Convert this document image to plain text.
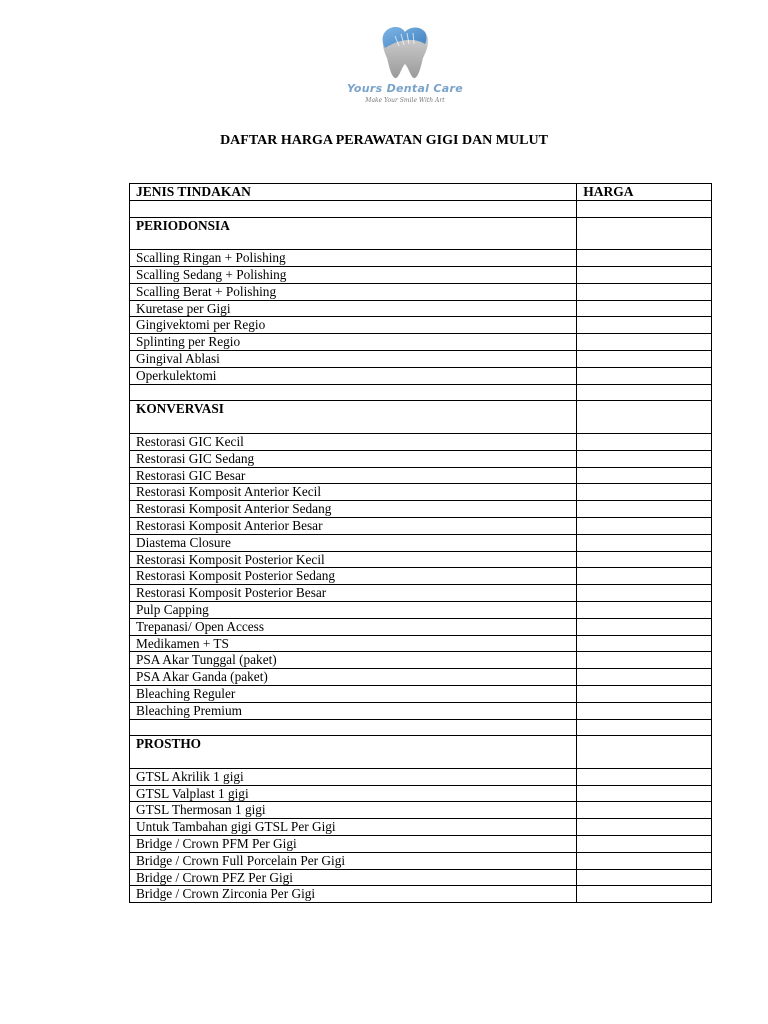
Yours Dental Care
Make Your Smile With Art
DAFTAR HARGA PERAWATAN GIGI DAN MULUT
JENIS TINDAKAN	HARGA

PERIODONSIA	
Scalling Ringan + Polishing	
Scalling Sedang + Polishing	
Scalling Berat + Polishing	
Kuretase per Gigi	
Gingivektomi per Regio	
Splinting per Regio	
Gingival Ablasi	
Operkulektomi	

KONVERVASI	
Restorasi GIC Kecil	
Restorasi GIC Sedang	
Restorasi GIC Besar	
Restorasi Komposit Anterior Kecil	
Restorasi Komposit Anterior Sedang	
Restorasi Komposit Anterior Besar	
Diastema Closure	
Restorasi Komposit Posterior Kecil	
Restorasi Komposit Posterior Sedang	
Restorasi Komposit Posterior Besar	
Pulp Capping	
Trepanasi/ Open Access	
Medikamen + TS	
PSA Akar Tunggal (paket)	
PSA Akar Ganda (paket)	
Bleaching Reguler	
Bleaching Premium	

PROSTHO	
GTSL Akrilik 1 gigi	
GTSL Valplast 1 gigi	
GTSL Thermosan 1 gigi	
Untuk Tambahan gigi GTSL Per Gigi	
Bridge / Crown PFM Per Gigi	
Bridge / Crown Full Porcelain Per Gigi	
Bridge / Crown PFZ Per Gigi	
Bridge / Crown Zirconia Per Gigi	
